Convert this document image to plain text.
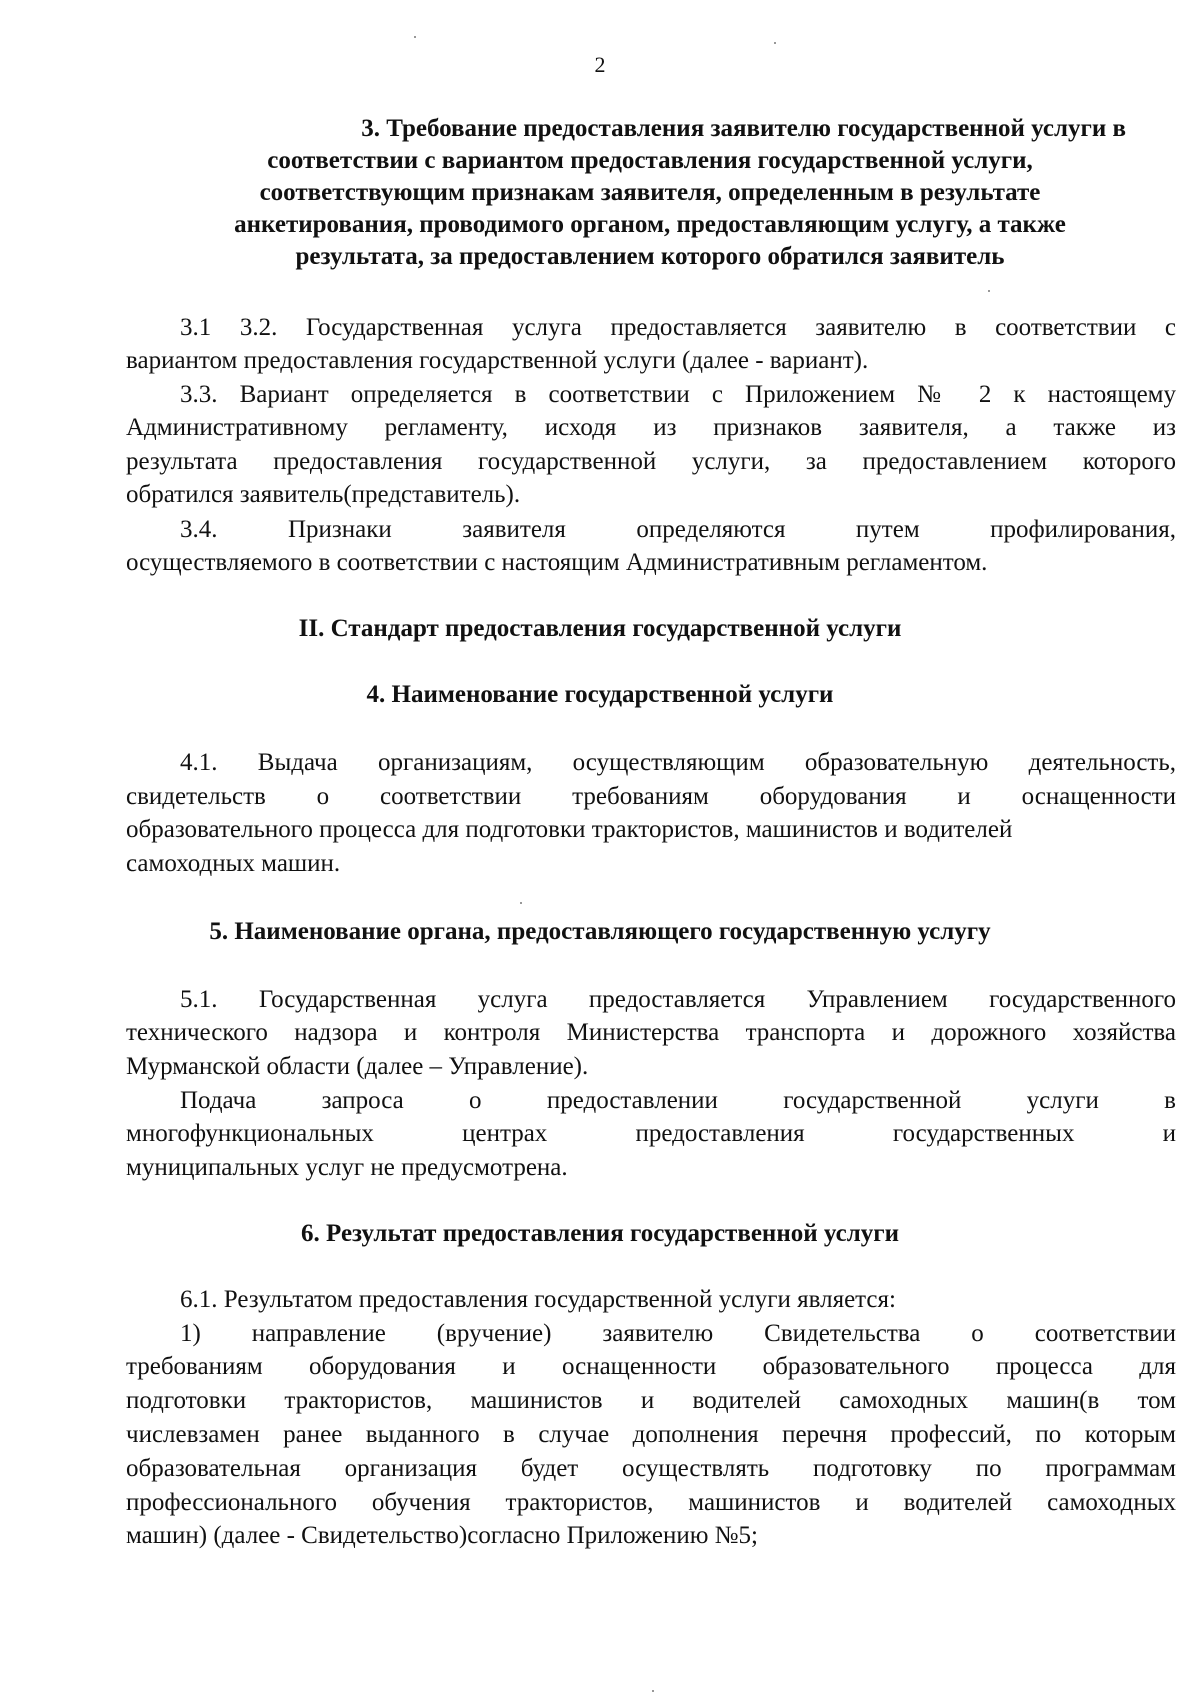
2
3. Требование предоставления заявителю государственной услуги в
соответствии с вариантом предоставления государственной услуги,
соответствующим признакам заявителя, определенным в результате
анкетирования, проводимого органом, предоставляющим услугу, а также
результата, за предоставлением которого обратился заявитель
3.1 3.2. Государственная услуга предоставляется заявителю в соответствии с
вариантом предоставления государственной услуги (далее - вариант).
3.3. Вариант определяется в соответствии с Приложением № 2 к настоящему
Административному регламенту, исходя из признаков заявителя, а также из
результата предоставления государственной услуги, за предоставлением которого
обратился заявитель(представитель).
3.4. Признаки заявителя определяются путем профилирования,
осуществляемого в соответствии с настоящим Административным регламентом.
II. Стандарт предоставления государственной услуги
4. Наименование государственной услуги
4.1. Выдача организациям, осуществляющим образовательную деятельность,
свидетельств о соответствии требованиям оборудования и оснащенности
образовательного процесса для подготовки трактористов, машинистов и водителей
самоходных машин.
5. Наименование органа, предоставляющего государственную услугу
5.1. Государственная услуга предоставляется Управлением государственного
технического надзора и контроля Министерства транспорта и дорожного хозяйства
Мурманской области (далее – Управление).
Подача запроса о предоставлении государственной услуги в
многофункциональных центрах предоставления государственных и
муниципальных услуг не предусмотрена.
6. Результат предоставления государственной услуги
6.1. Результатом предоставления государственной услуги является:
1) направление (вручение) заявителю Свидетельства о соответствии
требованиям оборудования и оснащенности образовательного процесса для
подготовки трактористов, машинистов и водителей самоходных машин(в том
числевзамен ранее выданного в случае дополнения перечня профессий, по которым
образовательная организация будет осуществлять подготовку по программам
профессионального обучения трактористов, машинистов и водителей самоходных
машин) (далее - Свидетельство)согласно Приложению №5;
